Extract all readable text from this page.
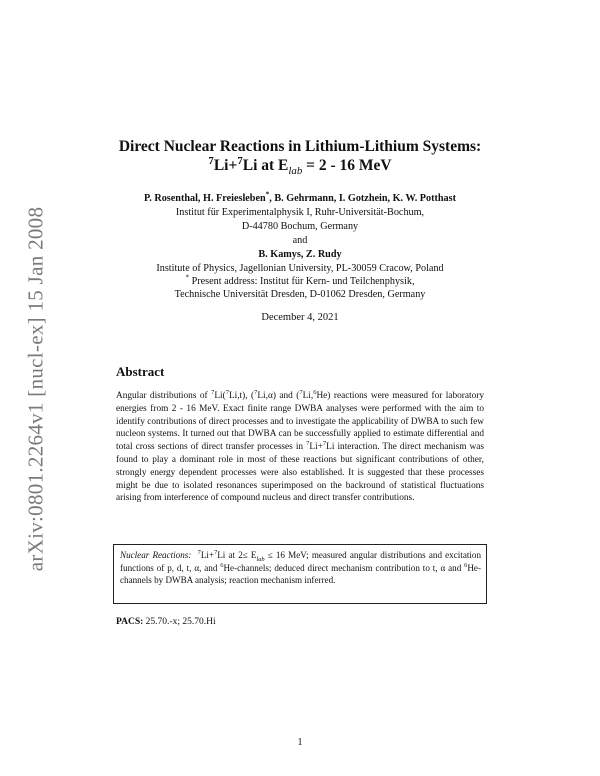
arXiv:0801.2264v1 [nucl-ex] 15 Jan 2008
Direct Nuclear Reactions in Lithium-Lithium Systems:
$^7$Li+$^7$Li at $E_{lab} = 2 - 16$ MeV
P. Rosenthal, H. Freiesleben*, B. Gehrmann, I. Gotzhein, K. W. Potthast
Institut für Experimentalphysik I, Ruhr-Universität-Bochum,
D-44780 Bochum, Germany
and
B. Kamys, Z. Rudy
Institute of Physics, Jagellonian University, PL-30059 Cracow, Poland
* Present address: Institut für Kern- und Teilchenphysik,
Technische Universität Dresden, D-01062 Dresden, Germany
December 4, 2021
Abstract
Angular distributions of $^7$Li($^7$Li,t), ($^7$Li,α) and ($^7$Li,$^6$He) reactions were measured for laboratory energies from 2 - 16 MeV. Exact finite range DWBA analyses were performed with the aim to identify contributions of direct processes and to investigate the applicability of DWBA to such few nucleon systems. It turned out that DWBA can be successfully applied to estimate differential and total cross sections of direct transfer processes in $^7$Li+$^7$Li interaction. The direct mechanism was found to play a dominant role in most of these reactions but significant contributions of other, strongly energy dependent processes were also established. It is suggested that these processes might be due to isolated resonances superimposed on the backround of statistical fluctuations arising from interference of compound nucleus and direct transfer contributions.
Nuclear Reactions: $^7$Li+$^7$Li at $2\le E_{lab} \le 16$ MeV; measured angular distributions and excitation functions of p, d, t, α, and $^6$He-channels; deduced direct mechanism contribution to t, α and $^6$He-channels by DWBA analysis; reaction mechanism inferred.
PACS: 25.70.-x; 25.70.Hi
1
